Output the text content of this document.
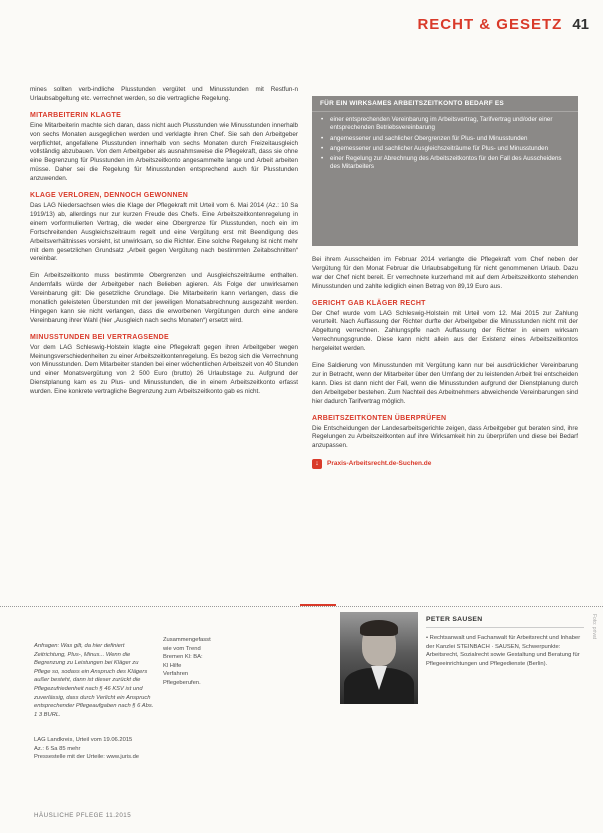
RECHT & GESETZ 41

mines sollten verb-indliche Plusstunden vergütet und Minusstunden mit Restfun-n Urlaubsabgeltung etc. verrechnet werden, so die vertragliche Regelung.

MITARBEITERIN KLAGTE

Eine Mitarbeiterin machte sich daran, dass nicht auch Plusstunden wie Minusstunden innerhalb von sechs Monaten ausgeglichen werden und verklagte ihren Chef. Sie sah den Arbeitgeber verpflichtet, angefallene Plusstunden innerhalb von sechs Monaten durch Freizeitausgleich vollständig abzubauen. Von dem Arbeitgeber als ausnahmsweise die Pflegekraft, dass sie ohne eine Begrenzung für Plusstunden im Arbeitszeitkonto angesammelte lange und Arbeit arbeiten müsse. Daher sei die Regelung für Minusstunden entsprechend auch für Plusstunden anzuwenden.

KLAGE VERLOREN, DENNOCH GEWONNEN

Das LAG Niedersachsen wies die Klage der Pflegekraft mit Urteil vom 6. Mai 2014 (Az.: 10 Sa 1919/13) ab, allerdings nur zur kurzen Freude des Chefs. Eine Arbeitszeitkontenregelung in einem vorformulierten Vertrag, die weder eine Obergrenze für Plusstunden, noch ein im Fortschreitenden Ausgleichszeitraum regelt und eine Vergütung erst mit Beendigung des Arbeitsverhältnisses vorsieht, ist unwirksam, so die Richter. Eine solche Regelung ist nicht mehr mit dem gesetzlichen Grundsatz „Arbeit gegen Vergütung nach bestimmten Zeitabschnitten“ vereinbar.

Ein Arbeitszeitkonto muss bestimmte Obergrenzen und Ausgleichszeiträume enthalten. Andernfalls würde der Arbeitgeber nach Belieben agieren. Als Folge der unwirksamen Vereinbarung gilt: Die gesetzliche Grundlage. Die Mitarbeiterin kann verlangen, dass die monatlich geleisteten Überstunden mit der jeweiligen Monatsabrechnung ausgezahlt werden. Hingegen kann sie nicht verlangen, dass die erworbenen Vergütungen durch eine andere Vereinbarung ihrer Wahl (hier „Ausgleich nach sechs Monaten“) ersetzt wird.

MINUSSTUNDEN BEI VERTRAGSENDE

Vor dem LAG Schleswig-Holstein klagte eine Pflegekraft gegen ihren Arbeitgeber wegen Meinungsverschiedenheiten zu einer Arbeitszeitkontenregelung. Es bezog sich die Verrechnung von Minusstunden. Dem Mitarbeiter standen bei einer wöchentlichen Arbeitszeit von 40 Stunden und einer Monatsvergütung von 2 500 Euro (brutto) 26 Urlaubstage zu. Aufgrund der Dienstplanung kam es zu Plus- und Minusstunden, die in einem Arbeitszeitkonto erfasst wurden. Eine konkrete vertragliche Begrenzung zum Arbeitszeitkonto gab es nicht.

FÜR EIN WIRKSAMES ARBEITSZEITKONTO BEDARF ES
• einer entsprechenden Vereinbarung im Arbeitsvertrag, Tarifvertrag und/oder einer entsprechenden Betriebsvereinbarung
• angemessener und sachlicher Obergrenzen für Plus- und Minusstunden
• angemessener und sachlicher Ausgleichszeiträume für Plus- und Minusstunden
• einer Regelung zur Abrechnung des Arbeitszeitkontos für den Fall des Ausscheidens des Mitarbeiters

Bei ihrem Ausscheiden im Februar 2014 verlangte die Pflegekraft vom Chef neben der Vergütung für den Monat Februar die Urlaubsabgeltung für nicht genommenen Urlaub. Dazu war der Chef nicht bereit. Er verrechnete kurzerhand mit auf dem Arbeitszeitkonto stehenden Minusstunden und zahlte lediglich einen Betrag von 89,19 Euro aus.

GERICHT GAB KLÄGER RECHT

Der Chef wurde vom LAG Schleswig-Holstein mit Urteil vom 12. Mai 2015 zur Zahlung verurteilt. Nach Auffassung der Richter durfte der Arbeitgeber die Minusstunden nicht mit der Abgeltung verrechnen. Zahlungsplfe nach Auffassung der Richter in einem wirksam Verrechnungsgrunde. Diese kann nicht allein aus der Existenz eines Arbeitszeitkontos hergeleitet werden.

Eine Saldierung von Minusstunden mit Vergütung kann nur bei ausdrücklicher Vereinbarung zur in Betracht, wenn der Mitarbeiter über den Umfang der zu leistenden Arbeit frei entscheiden kann. Dies ist dann nicht der Fall, wenn die Minusstunden aufgrund der Dienstplanung durch den Arbeitgeber bestehen. Zum Nachteil des Arbeitnehmers abweichende Vereinbarungen sind hier dadurch Tarifvertrag möglich.

ARBEITSZEITKONTEN ÜBERPRÜFEN

Die Entscheidungen der Landesarbeitsgerichte zeigen, dass Arbeitgeber gut beraten sind, ihre Regelungen zu Arbeitszeitkonten auf ihre Wirksamkeit hin zu überprüfen und diese bei Bedarf anzupassen.

↓	Praxis-Arbeitsrecht.de-Suchen.de
Anfragen: Was gilt, da hier definiert Zeitrichtung, Plus-, Minus... Wenn die Begrenzung zu Leistungen bei Kläger zu Pflege so, sodass ein Anspruch des Klägers außer besteht, dann ist dieser zurückt die Pflegezufriedenheit nach § 46 KSV ist und zuverlässig, dass durch Verlicht ein Anspruch entsprechender Pflegeaufgaben nach § 6 Abs. 1 3 BURL.
Zusammengefasst wie vom Trend Bremen Kl: BA: Kl Hilfe Verfahren Pflegeberufen.
LAG Landkreis, Urteil vom 19.06.2015
Az.: 6 Sa 85 mehr
Pressestelle mit der Urteile: www.juris.de
PETER SAUSEN
• Rechtsanwalt und Fachanwalt für Arbeitsrecht und Inhaber der Kanzlei STEINBACH · SAUSEN, Schwerpunkte: Arbeitsrecht, Sozialrecht sowie Gestaltung und Beratung für Pflegeeinrichtungen und Pflegedienste (Berlin).
Foto: privat
HÄUSLICHE PFLEGE 11.2015
